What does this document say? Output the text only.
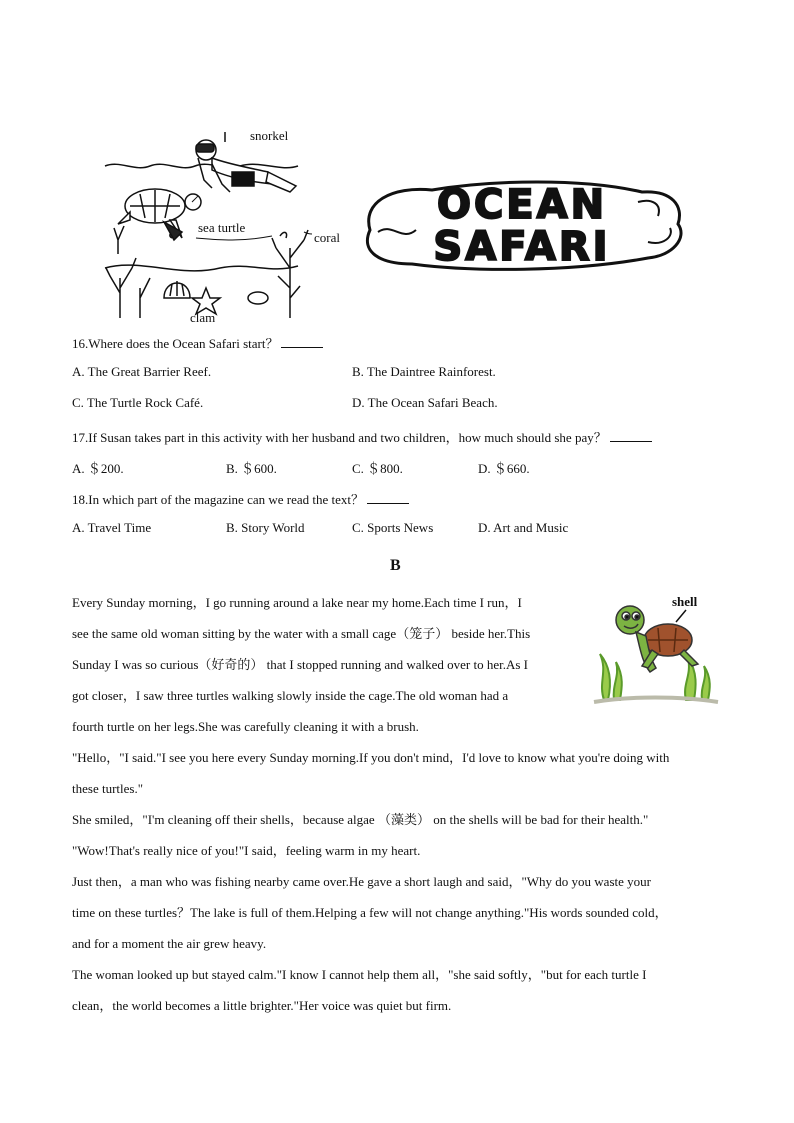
snorkel
sea turtle
coral
clam
OCEAN
SAFARI
16.Where does the Ocean Safari start？
A. The Great Barrier Reef.	B. The Daintree Rainforest.
C. The Turtle Rock Café.	D. The Ocean Safari Beach.
17.If Susan takes part in this activity with her husband and two children，how much should she pay？
A. ＄200.	B. ＄600.	C. ＄800.	D. ＄660.
18.In which part of the magazine can we read the text？
A. Travel Time	B. Story World	C. Sports News	D. Art and Music
B
shell
Every Sunday morning，I go running around a lake near my home.Each time I run，I
see the same old woman sitting by the water with a small cage（笼子） beside her.This
Sunday I was so curious（好奇的） that I stopped running and walked over to her.As I
got closer，I saw three turtles walking slowly inside the cage.The old woman had a
fourth turtle on her legs.She was carefully cleaning it with a brush.
"Hello，"I said."I see you here every Sunday morning.If you don't mind，I'd love to know what you're doing with
these turtles."
She smiled，"I'm cleaning off their shells，because algae （藻类） on the shells will be bad for their health."
"Wow!That's really nice of you!"I said，feeling warm in my heart.
Just then，a man who was fishing nearby came over.He gave a short laugh and said，"Why do you waste your
time on these turtles？The lake is full of them.Helping a few will not change anything."His words sounded cold，
and for a moment the air grew heavy.
The woman looked up but stayed calm."I know I cannot help them all，"she said softly，"but for each turtle I
clean，the world becomes a little brighter."Her voice was quiet but firm.
